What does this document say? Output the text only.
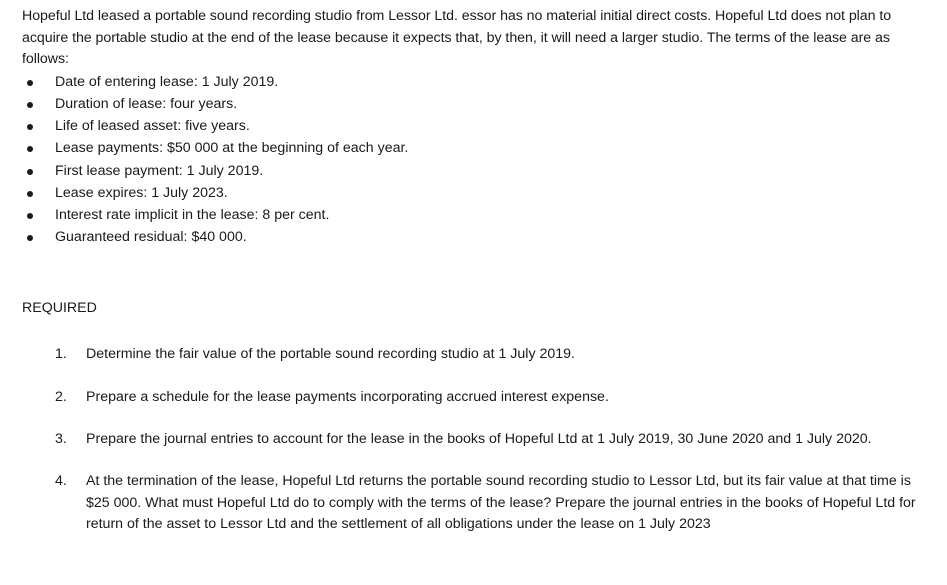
Hopeful Ltd leased a portable sound recording studio from Lessor Ltd. essor has no material initial direct costs. Hopeful Ltd does not plan to acquire the portable studio at the end of the lease because it expects that, by then, it will need a larger studio. The terms of the lease are as follows:

Date of entering lease: 1 July 2019.
Duration of lease: four years.
Life of leased asset: five years.
Lease payments: $50 000 at the beginning of each year.
First lease payment: 1 July 2019.
Lease expires: 1 July 2023.
Interest rate implicit in the lease: 8 per cent.
Guaranteed residual: $40 000.
REQUIRED
1. Determine the fair value of the portable sound recording studio at 1 July 2019.
2. Prepare a schedule for the lease payments incorporating accrued interest expense.
3. Prepare the journal entries to account for the lease in the books of Hopeful Ltd at 1 July 2019, 30 June 2020 and 1 July 2020.
4. At the termination of the lease, Hopeful Ltd returns the portable sound recording studio to Lessor Ltd, but its fair value at that time is $25 000. What must Hopeful Ltd do to comply with the terms of the lease? Prepare the journal entries in the books of Hopeful Ltd for return of the asset to Lessor Ltd and the settlement of all obligations under the lease on 1 July 2023
